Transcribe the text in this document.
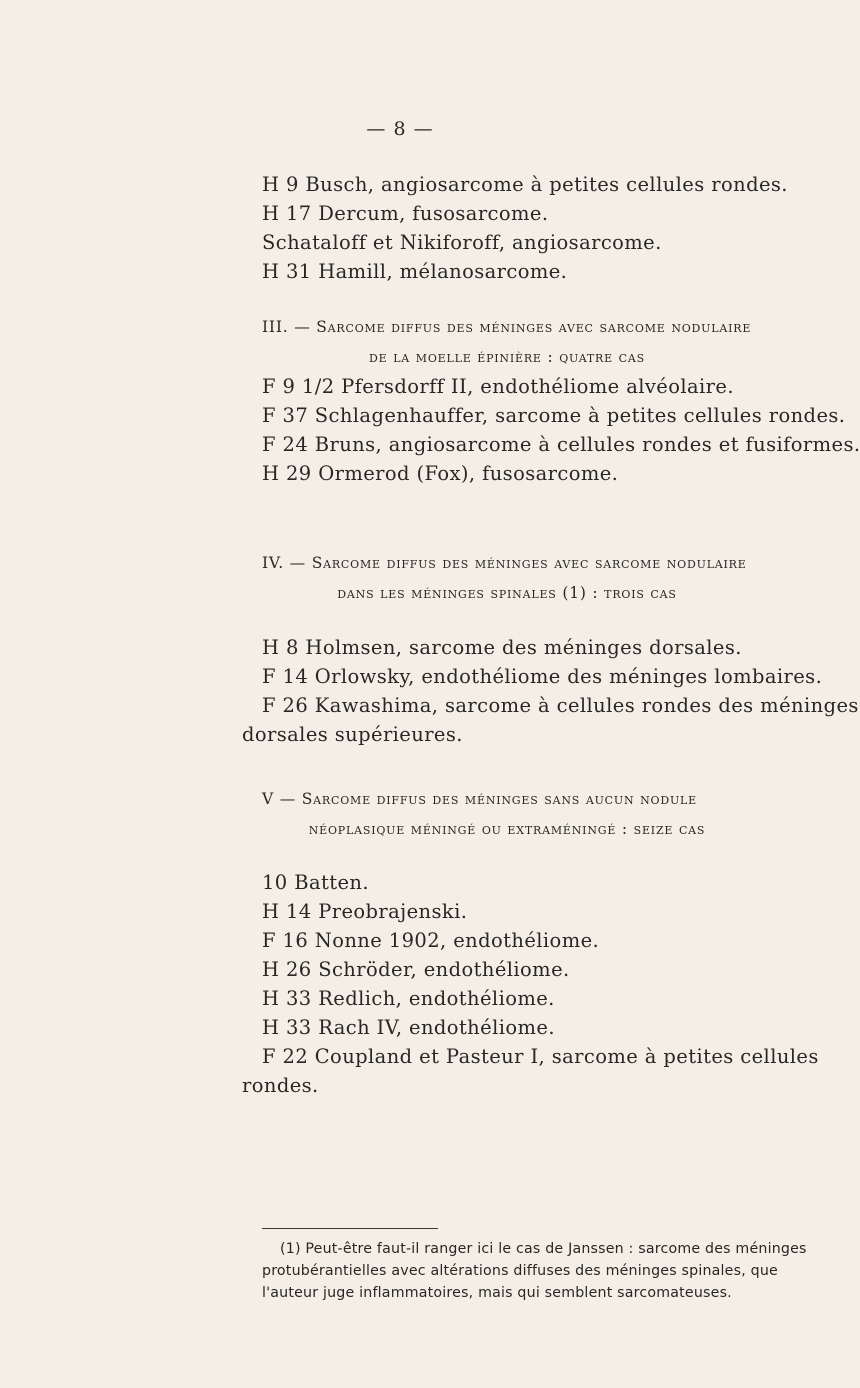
— 8 —
H 9 Busch, angiosarcome à petites cellules rondes.
H 17 Dercum, fusosarcome.
Schataloff et Nikiforoff, angiosarcome.
H 31 Hamill, mélanosarcome.
III. — Sarcome diffus des méninges avec sarcome nodulaire
de la moelle épinière : quatre cas
F 9 1/2 Pfersdorff II, endothéliome alvéolaire.
F 37 Schlagenhauffer, sarcome à petites cellules rondes.
F 24 Bruns, angiosarcome à cellules rondes et fusiformes.
H 29 Ormerod (Fox), fusosarcome.
IV. — Sarcome diffus des méninges avec sarcome nodulaire
dans les méninges spinales (1) : trois cas
H 8 Holmsen, sarcome des méninges dorsales.
F 14 Orlowsky, endothéliome des méninges lombaires.
F 26 Kawashima, sarcome à cellules rondes des méninges
dorsales supérieures.
V — Sarcome diffus des méninges sans aucun nodule
néoplasique méningé ou extraméningé : seize cas
10 Batten.
H 14 Preobrajenski.
F 16 Nonne 1902, endothéliome.
H 26 Schröder, endothéliome.
H 33 Redlich, endothéliome.
H 33 Rach IV, endothéliome.
F 22 Coupland et Pasteur I, sarcome à petites cellules
rondes.
(1) Peut-être faut-il ranger ici le cas de Janssen : sarcome des méninges
protubérantielles avec altérations diffuses des méninges spinales, que
l'auteur juge inflammatoires, mais qui semblent sarcomateuses.
